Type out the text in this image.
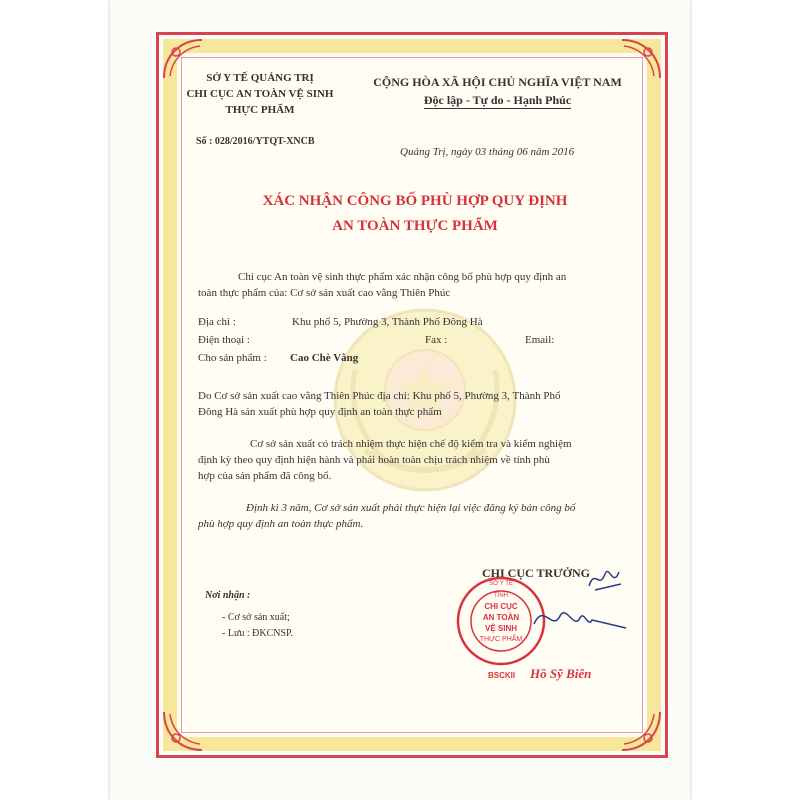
SỞ Y TẾ QUẢNG TRỊ
CHI CỤC AN TOÀN VỆ SINH
THỰC PHẨM
Số : 028/2016/YTQT-XNCB
CỘNG HÒA XÃ HỘI CHỦ NGHĨA VIỆT NAM
Độc lập - Tự do - Hạnh Phúc
Quảng Trị, ngày 03 tháng 06 năm 2016
XÁC NHẬN CÔNG BỐ PHÙ HỢP QUY ĐỊNH
AN TOÀN THỰC PHẨM
Chi cục An toàn vệ sinh thực phẩm xác nhận công bố phù hợp quy định an
toàn thực phẩm của: Cơ sở sản xuất cao vằng Thiên Phúc
Địa chỉ :	Khu phố 5, Phường 3, Thành Phố Đông Hà
Điện thoại :	Fax :	Email:
Cho sản phẩm : Cao Chè Vằng
Do Cơ sở sản xuất cao vằng Thiên Phúc địa chỉ: Khu phố 5, Phường 3, Thành Phố
Đông Hà sản xuất phù hợp quy định an toàn thực phẩm
Cơ sở sản xuất có trách nhiệm thực hiện chế độ kiểm tra và kiểm nghiệm
định kỳ theo quy định hiện hành và phải hoàn toàn chịu trách nhiệm về tính phù
hợp của sản phẩm đã công bố.
Định kì 3 năm, Cơ sở sản xuất phải thực hiện lại việc đăng ký bản công bố
phù hợp quy định an toàn thực phẩm.
Nơi nhận :
- Cơ sở sản xuất;
- Lưu : ĐKCNSP.
CHI CỤC TRƯỞNG
SỞ Y TẾ
TỈNH
CHI CỤC
AN TOÀN
VỆ SINH
THỰC PHẨM
BSCKII Hồ Sỹ Biên
